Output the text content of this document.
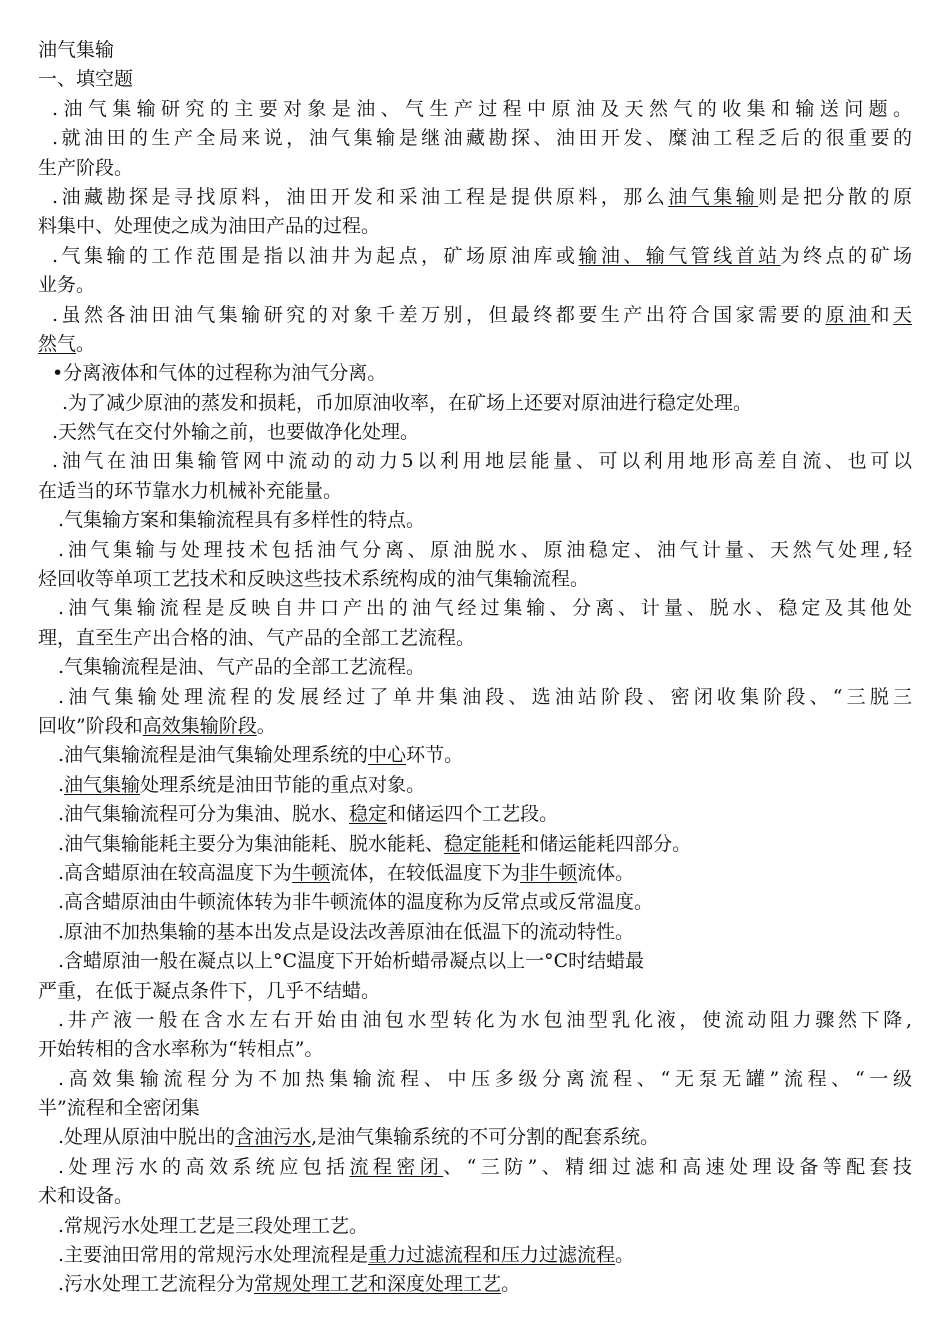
油气集输
一、填空题
.油气集输研究的主要对象是油、气生产过程中原油及天然气的收集和输送问题。
.就油田的生产全局来说，油气集输是继油藏勘探、油田开发、糜油工程乏后的很重要的
生产阶段。
.油藏勘探是寻找原料，油田开发和采油工程是提供原料，那么油气集输则是把分散的原
料集中、处理使之成为油田产品的过程。
.气集输的工作范围是指以油井为起点，矿场原油库或输油、输气管线首站为终点的矿场
业务。
.虽然各油田油气集输研究的对象千差万别，但最终都要生产出符合国家需要的原油和天
然气。
•分离液体和气体的过程称为油气分离。
.为了减少原油的蒸发和损耗，币加原油收率，在矿场上还要对原油进行稳定处理。
.天然气在交付外输之前，也要做净化处理。
.油气在油田集输管网中流动的动力5以利用地层能量、可以利用地形高差自流、也可以
在适当的环节靠水力机械补充能量。
.气集输方案和集输流程具有多样性的特点。
.油气集输与处理技术包括油气分离、原油脱水、原油稳定、油气计量、天然气处理,轻
烃回收等单项工艺技术和反映这些技术系统构成的油气集输流程。
.油气集输流程是反映自井口产出的油气经过集输、分离、计量、脱水、稳定及其他处
理，直至生产出合格的油、气产品的全部工艺流程。
.气集输流程是油、气产品的全部工艺流程。
.油气集输处理流程的发展经过了单井集油段、选油站阶段、密闭收集阶段、“三脱三
回收”阶段和高效集输阶段。
.油气集输流程是油气集输处理系统的中心环节。
.油气集输处理系统是油田节能的重点对象。
.油气集输流程可分为集油、脱水、稳定和储运四个工艺段。
.油气集输能耗主要分为集油能耗、脱水能耗、稳定能耗和储运能耗四部分。
.高含蜡原油在较高温度下为牛顿流体，在较低温度下为非牛顿流体。
.高含蜡原油由牛顿流体转为非牛顿流体的温度称为反常点或反常温度。
.原油不加热集输的基本出发点是设法改善原油在低温下的流动特性。
.含蜡原油一般在凝点以上°C温度下开始析蜡帚凝点以上一°C时结蜡最
严重，在低于凝点条件下，几乎不结蜡。
.井产液一般在含水左右开始由油包水型转化为水包油型乳化液，使流动阻力骤然下降,
开始转相的含水率称为“转相点”。
.高效集输流程分为不加热集输流程、中压多级分离流程、“无泵无罐”流程、“一级
半”流程和全密闭集
.处理从原油中脱出的含油污水,是油气集输系统的不可分割的配套系统。
.处理污水的高效系统应包括流程密闭、“三防”、精细过滤和高速处理设备等配套技
术和设备。
.常规污水处理工艺是三段处理工艺。
.主要油田常用的常规污水处理流程是重力过滤流程和压力过滤流程。
.污水处理工艺流程分为常规处理工艺和深度处理工艺。
